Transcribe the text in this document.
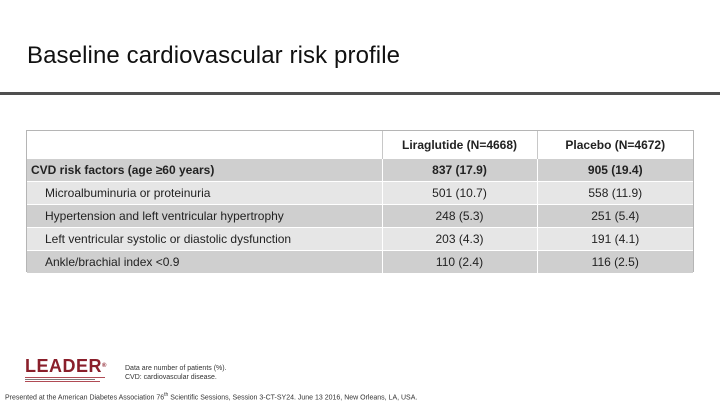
Baseline cardiovascular risk profile
	Liraglutide (N=4668)	Placebo (N=4672)
CVD risk factors (age ≥60 years)	837 (17.9)	905 (19.4)
Microalbuminuria or proteinuria	501 (10.7)	558 (11.9)
Hypertension and left ventricular hypertrophy	248 (5.3)	251 (5.4)
Left ventricular systolic or diastolic dysfunction	203 (4.3)	191 (4.1)
Ankle/brachial index <0.9	110 (2.4)	116 (2.5)
LEADER®	Data are number of patients (%).
CVD: cardiovascular disease.
Presented at the American Diabetes Association 76th Scientific Sessions, Session 3-CT-SY24. June 13 2016, New Orleans, LA, USA.
